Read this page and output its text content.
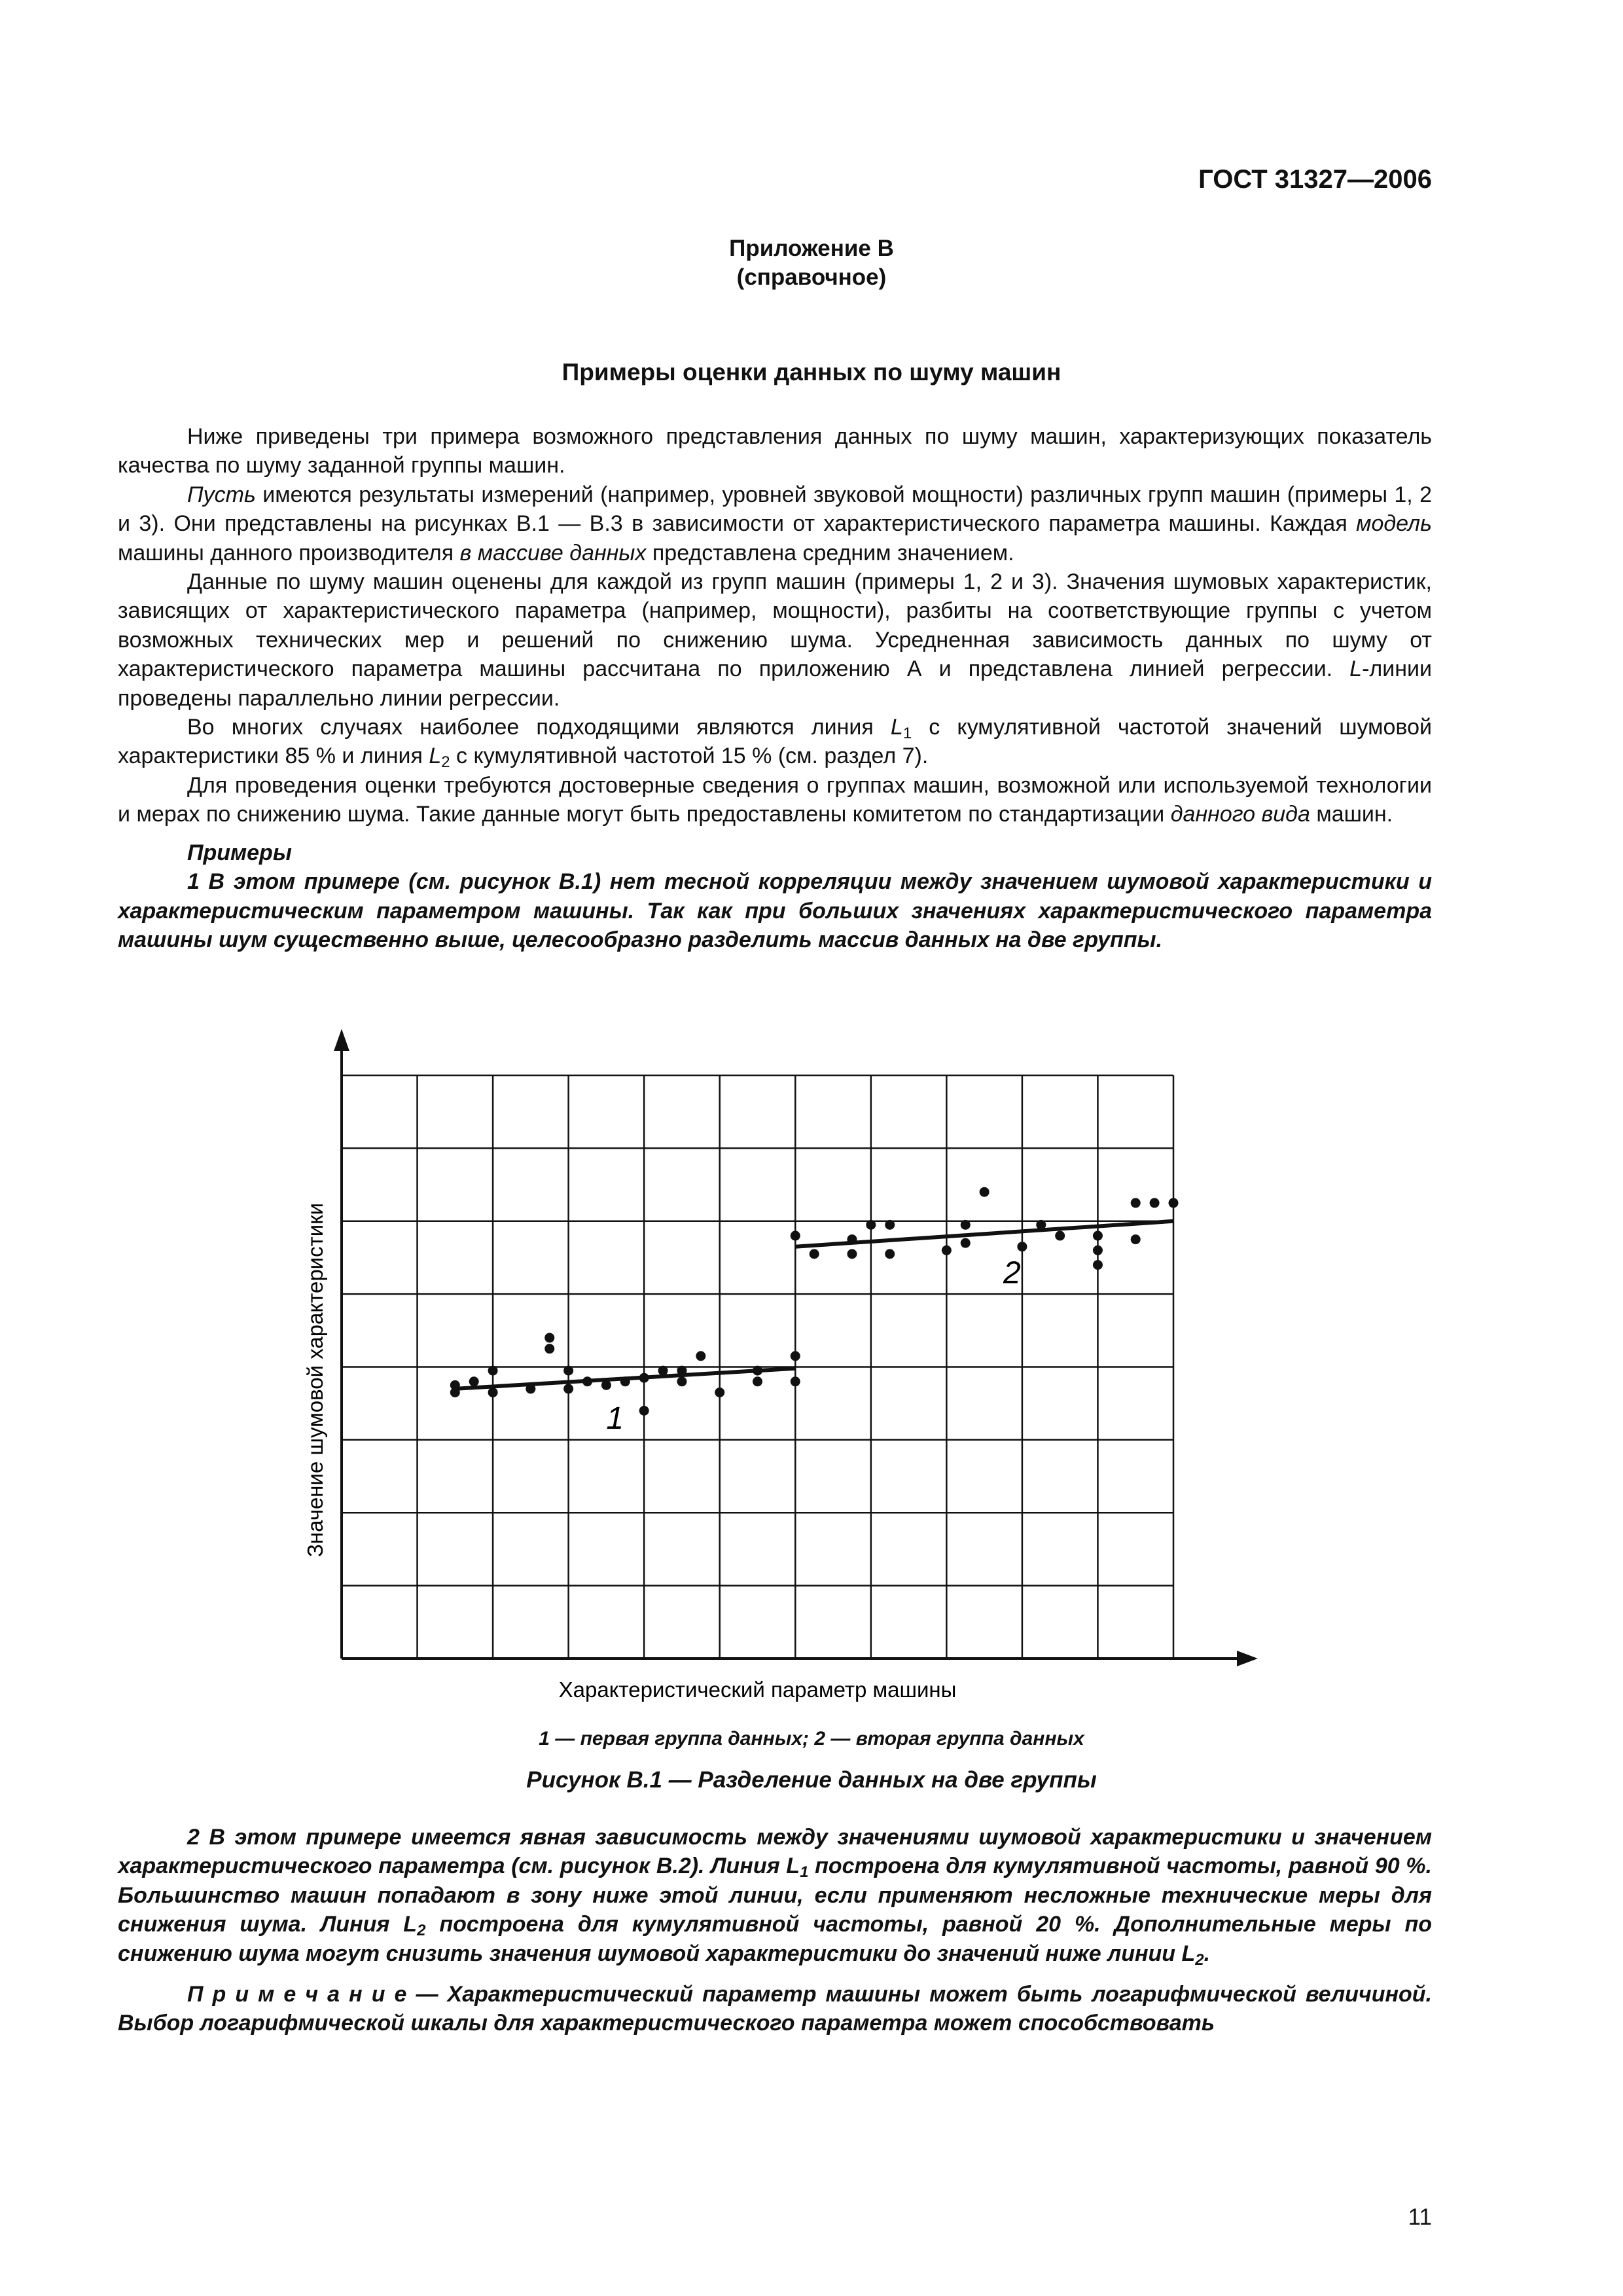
ГОСТ 31327—2006
Приложение В
(справочное)
Примеры оценки данных по шуму машин

Ниже приведены три примера возможного представления данных по шуму машин, характеризующих показатель качества по шуму заданной группы машин.

Пусть имеются результаты измерений (например, уровней звуковой мощности) различных групп машин (примеры 1, 2 и 3). Они представлены на рисунках В.1 — В.3 в зависимости от характеристического параметра машины. Каждая модель машины данного производителя в массиве данных представлена средним значением.

Данные по шуму машин оценены для каждой из групп машин (примеры 1, 2 и 3). Значения шумовых характеристик, зависящих от характеристического параметра (например, мощности), разбиты на соответствующие группы с учетом возможных технических мер и решений по снижению шума. Усредненная зависимость данных по шуму от характеристического параметра машины рассчитана по приложению А и представлена линией регрессии. L-линии проведены параллельно линии регрессии.

Во многих случаях наиболее подходящими являются линия $L_1$ с кумулятивной частотой значений шумовой характеристики 85 % и линия $L_2$ с кумулятивной частотой 15 % (см. раздел 7).

Для проведения оценки требуются достоверные сведения о группах машин, возможной или используемой технологии и мерах по снижению шума. Такие данные могут быть предоставлены комитетом по стандартизации данного вида машин.

Примеры

1 В этом примере (см. рисунок В.1) нет тесной корреляции между значением шумовой характеристики и характеристическим параметром машины. Так как при больших значениях характеристического параметра машины шум существенно выше, целесообразно разделить массив данных на две группы.

1
2
Характеристический параметр машины
Значение шумовой характеристики
1 — первая группа данных; 2 — вторая группа данных
Рисунок В.1 — Разделение данных на две группы

2 В этом примере имеется явная зависимость между значениями шумовой характеристики и значением характеристического параметра (см. рисунок В.2). Линия $L_1$ построена для кумулятивной частоты, равной 90 %. Большинство машин попадают в зону ниже этой линии, если применяют несложные технические меры для снижения шума. Линия $L_2$ построена для кумулятивной частоты, равной 20 %. Дополнительные меры по снижению шума могут снизить значения шумовой характеристики до значений ниже линии $L_2$.

П р и м е ч а н и е — Характеристический параметр машины может быть логарифмической величиной. Выбор логарифмической шкалы для характеристического параметра может способствовать

11
